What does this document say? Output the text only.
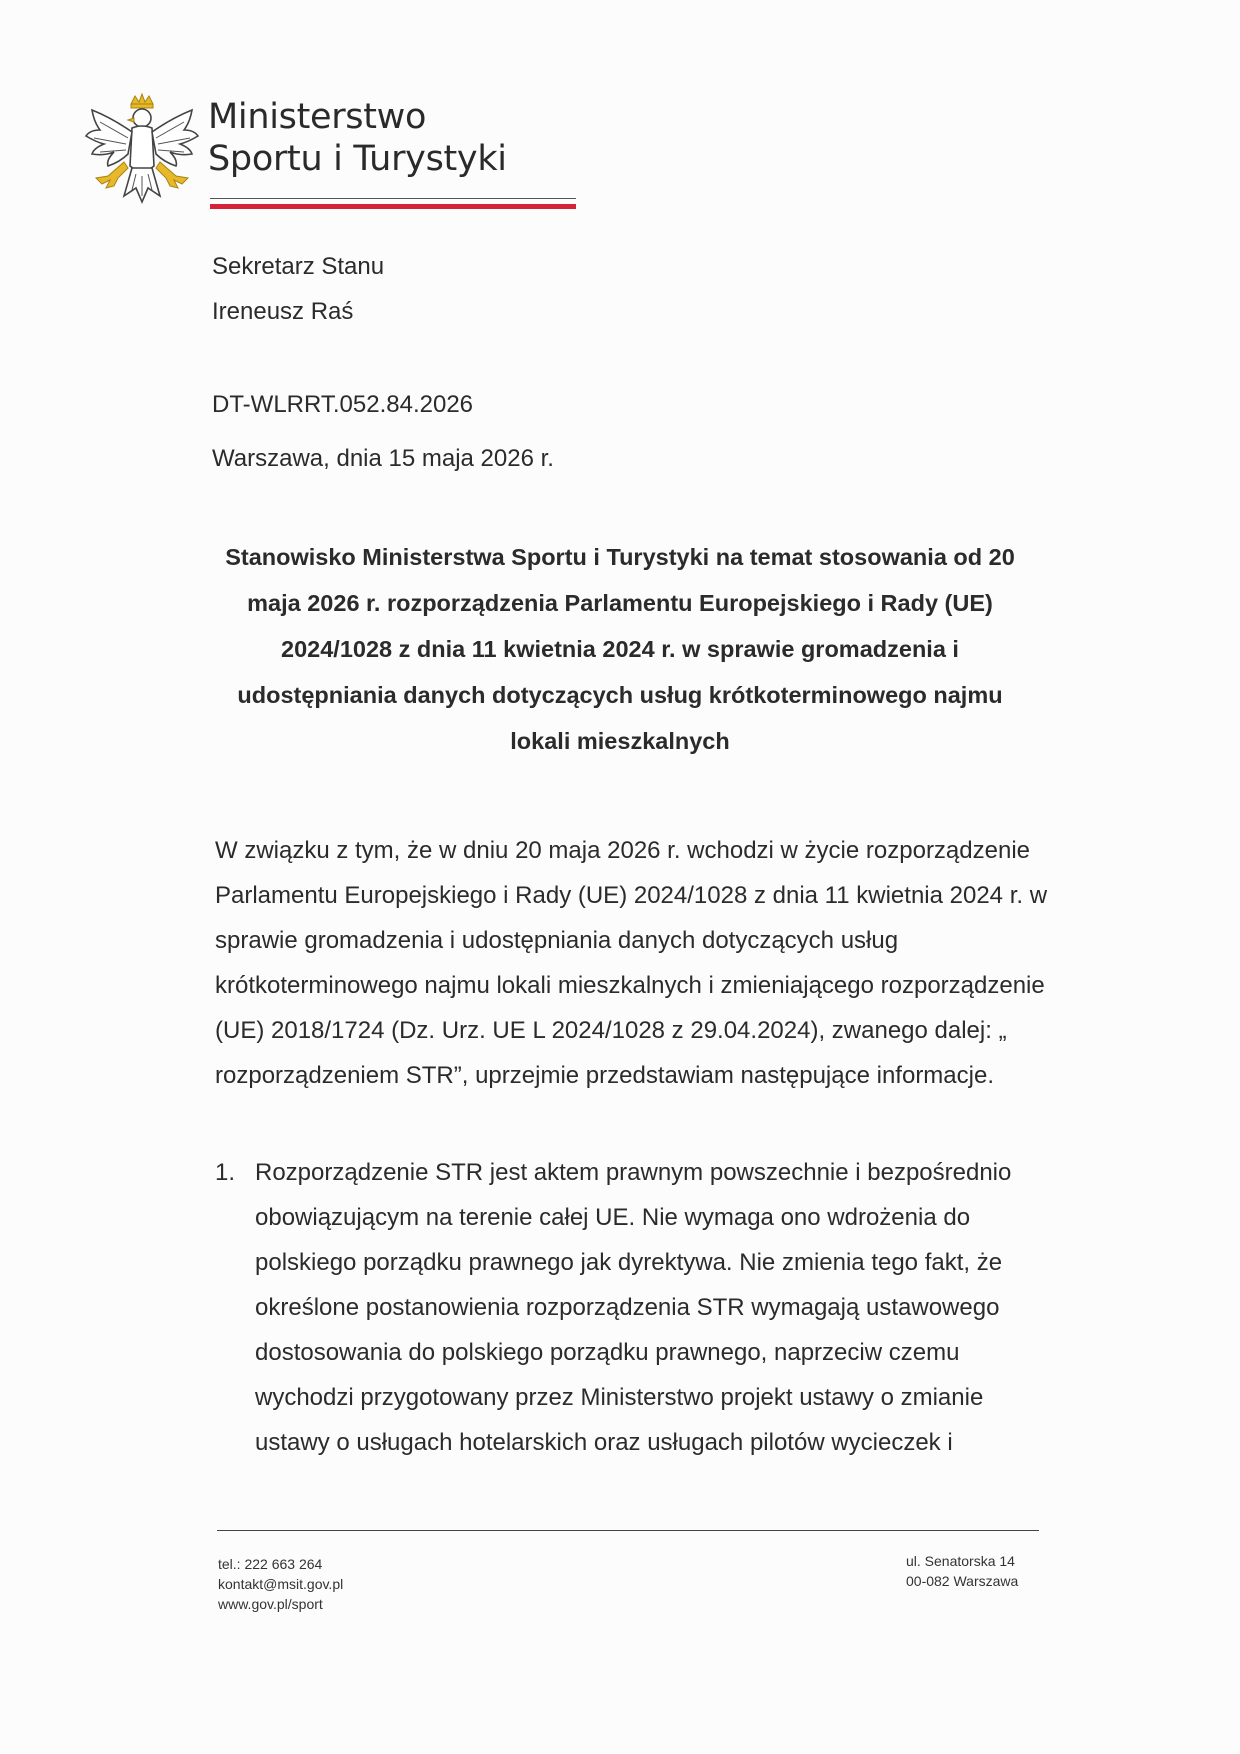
Ministerstwo
Sportu i Turystyki
Sekretarz Stanu
Ireneusz Raś
DT-WLRRT.052.84.2026
Warszawa, dnia 15 maja 2026 r.
Stanowisko Ministerstwa Sportu i Turystyki na temat stosowania od 20 maja 2026 r. rozporządzenia Parlamentu Europejskiego i Rady (UE) 2024/1028 z dnia 11 kwietnia 2024 r. w sprawie gromadzenia i udostępniania danych dotyczących usług krótkoterminowego najmu lokali mieszkalnych
W związku z tym, że w dniu 20 maja 2026 r. wchodzi w życie rozporządzenie Parlamentu Europejskiego i Rady (UE) 2024/1028 z dnia 11 kwietnia 2024 r. w sprawie gromadzenia i udostępniania danych dotyczących usług krótkoterminowego najmu lokali mieszkalnych i zmieniającego rozporządzenie (UE) 2018/1724 (Dz. Urz. UE L 2024/1028 z 29.04.2024), zwanego dalej: „ rozporządzeniem STR”, uprzejmie przedstawiam następujące informacje.
1. Rozporządzenie STR jest aktem prawnym powszechnie i bezpośrednio obowiązującym na terenie całej UE. Nie wymaga ono wdrożenia do polskiego porządku prawnego jak dyrektywa. Nie zmienia tego fakt, że określone postanowienia rozporządzenia STR wymagają ustawowego dostosowania do polskiego porządku prawnego, naprzeciw czemu wychodzi przygotowany przez Ministerstwo projekt ustawy o zmianie ustawy o usługach hotelarskich oraz usługach pilotów wycieczek i
tel.: 222 663 264
kontakt@msit.gov.pl
www.gov.pl/sport
ul. Senatorska 14
00-082 Warszawa
